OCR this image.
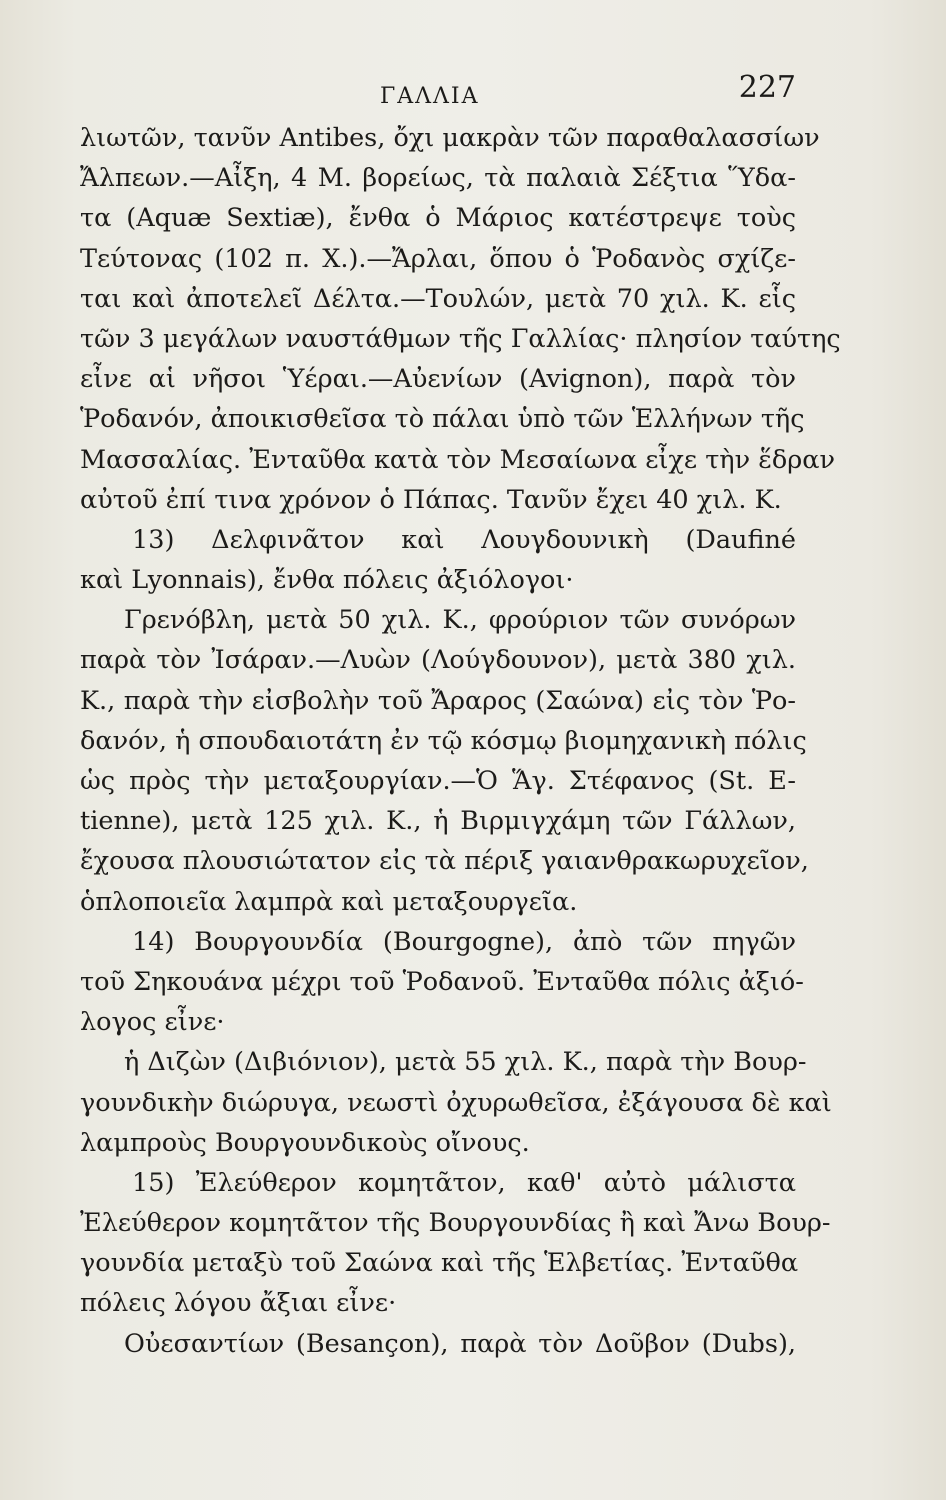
ΓΑΛΛΙΑ	227
λιωτῶν, τανῦν Antibes, ὄχι μακρὰν τῶν παραθαλασσίων
Ἄλπεων.—Αἶξη, 4 Μ. βορείως, τὰ παλαιὰ Σέξτια Ὕδα-
τα (Aquæ Sextiæ), ἔνθα ὁ Μάριος κατέστρεψε τοὺς
Τεύτονας (102 π. Χ.).—Ἄρλαι, ὅπου ὁ Ῥοδανὸς σχίζε-
ται καὶ ἀποτελεῖ Δέλτα.—Τουλών, μετὰ 70 χιλ. Κ. εἷς
τῶν 3 μεγάλων ναυστάθμων τῆς Γαλλίας· πλησίον ταύτης
εἶνε αἱ νῆσοι Ὑέραι.—Αὐενίων (Avignon), παρὰ τὸν
Ῥοδανόν, ἀποικισθεῖσα τὸ πάλαι ὑπὸ τῶν Ἑλλήνων τῆς
Μασσαλίας. Ἐνταῦθα κατὰ τὸν Μεσαίωνα εἶχε τὴν ἕδραν
αὐτοῦ ἐπί τινα χρόνον ὁ Πάπας. Τανῦν ἔχει 40 χιλ. Κ.
13) Δελφινᾶτον καὶ Λουγδουνικὴ (Daufiné
καὶ Lyonnais), ἔνθα πόλεις ἀξιόλογοι·
Γρενόβλη, μετὰ 50 χιλ. Κ., φρούριον τῶν συνόρων
παρὰ τὸν Ἰσάραν.—Λυὼν (Λούγδουνον), μετὰ 380 χιλ.
Κ., παρὰ τὴν εἰσβολὴν τοῦ Ἄραρος (Σαώνα) εἰς τὸν Ῥο-
δανόν, ἡ σπουδαιοτάτη ἐν τῷ κόσμῳ βιομηχανικὴ πόλις
ὡς πρὸς τὴν μεταξουργίαν.—Ὁ Ἅγ. Στέφανος (St. E-
tienne), μετὰ 125 χιλ. Κ., ἡ Βιρμιγχάμη τῶν Γάλλων,
ἔχουσα πλουσιώτατον εἰς τὰ πέριξ γαιανθρακωρυχεῖον,
ὁπλοποιεῖα λαμπρὰ καὶ μεταξουργεῖα.
14) Βουργουνδία (Bourgogne), ἀπὸ τῶν πηγῶν
τοῦ Σηκουάνα μέχρι τοῦ Ῥοδανοῦ. Ἐνταῦθα πόλις ἀξιό-
λογος εἶνε·
ἡ Διζὼν (Διβιόνιον), μετὰ 55 χιλ. Κ., παρὰ τὴν Βουρ-
γουνδικὴν διώρυγα, νεωστὶ ὀχυρωθεῖσα, ἐξάγουσα δὲ καὶ
λαμπροὺς Βουργουνδικοὺς οἴνους.
15) Ἐλεύθερον κομητᾶτον, καθ' αὐτὸ μάλιστα
Ἐλεύθερον κομητᾶτον τῆς Βουργουνδίας ἢ καὶ Ἄνω Βουρ-
γουνδία μεταξὺ τοῦ Σαώνα καὶ τῆς Ἑλβετίας. Ἐνταῦθα
πόλεις λόγου ἄξιαι εἶνε·
Οὐεσαντίων (Besançon), παρὰ τὸν Δοῦβον (Dubs),
